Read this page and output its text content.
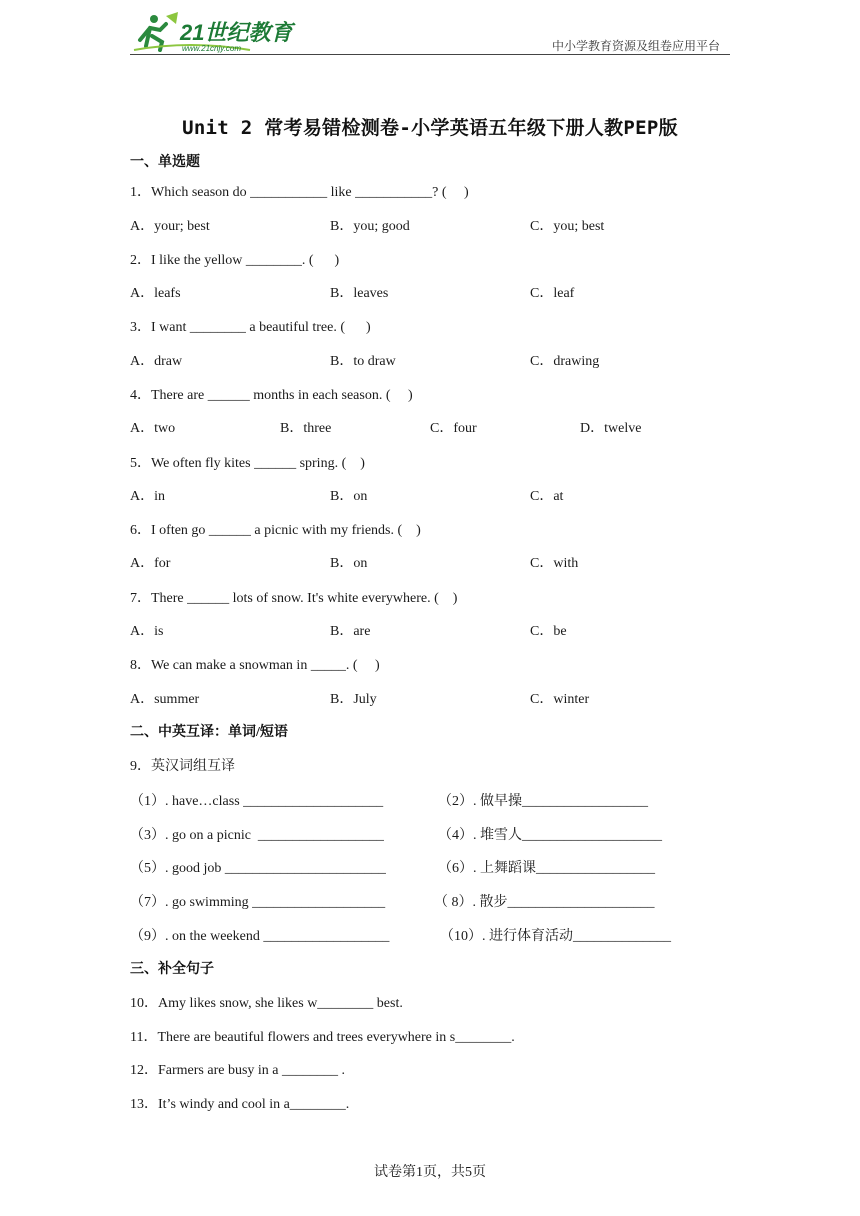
21世纪教育
www.21cnjy.com	中小学教育资源及组卷应用平台
Unit 2 常考易错检测卷-小学英语五年级下册人教PEP版
一、单选题
1．Which season do ___________ like ___________? (     )
A．your; best	B．you; good	C．you; best
2．I like the yellow ________. (      )
A．leafs	B．leaves	C．leaf
3．I want ________ a beautiful tree. (      )
A．draw	B．to draw	C．drawing
4．There are ______ months in each season. (     )
A．two	B．three	C．four	D．twelve
5．We often fly kites ______ spring. (    )
A．in	B．on	C．at
6．I often go ______ a picnic with my friends. (    )
A．for	B．on	C．with
7．There ______ lots of snow. It's white everywhere. (    )
A．is	B．are	C．be
8．We can make a snowman in _____. (     )
A．summer	B．July	C．winter
二、中英互译：单词/短语
9．英汉词组互译
（1）. have…class ____________________	（2）. 做早操__________________
（3）. go on a picnic  __________________	（4）. 堆雪人____________________
（5）. good job _______________________	（6）. 上舞蹈课_________________
（7）. go swimming ___________________	（ 8）. 散步_____________________
（9）. on the weekend __________________	（10）. 进行体育活动______________
三、补全句子
10．Amy likes snow, she likes w________ best.
11．There are beautiful flowers and trees everywhere in s________.
12．Farmers are busy in a ________ .
13．It’s windy and cool in a________.
试卷第1页，共5页
